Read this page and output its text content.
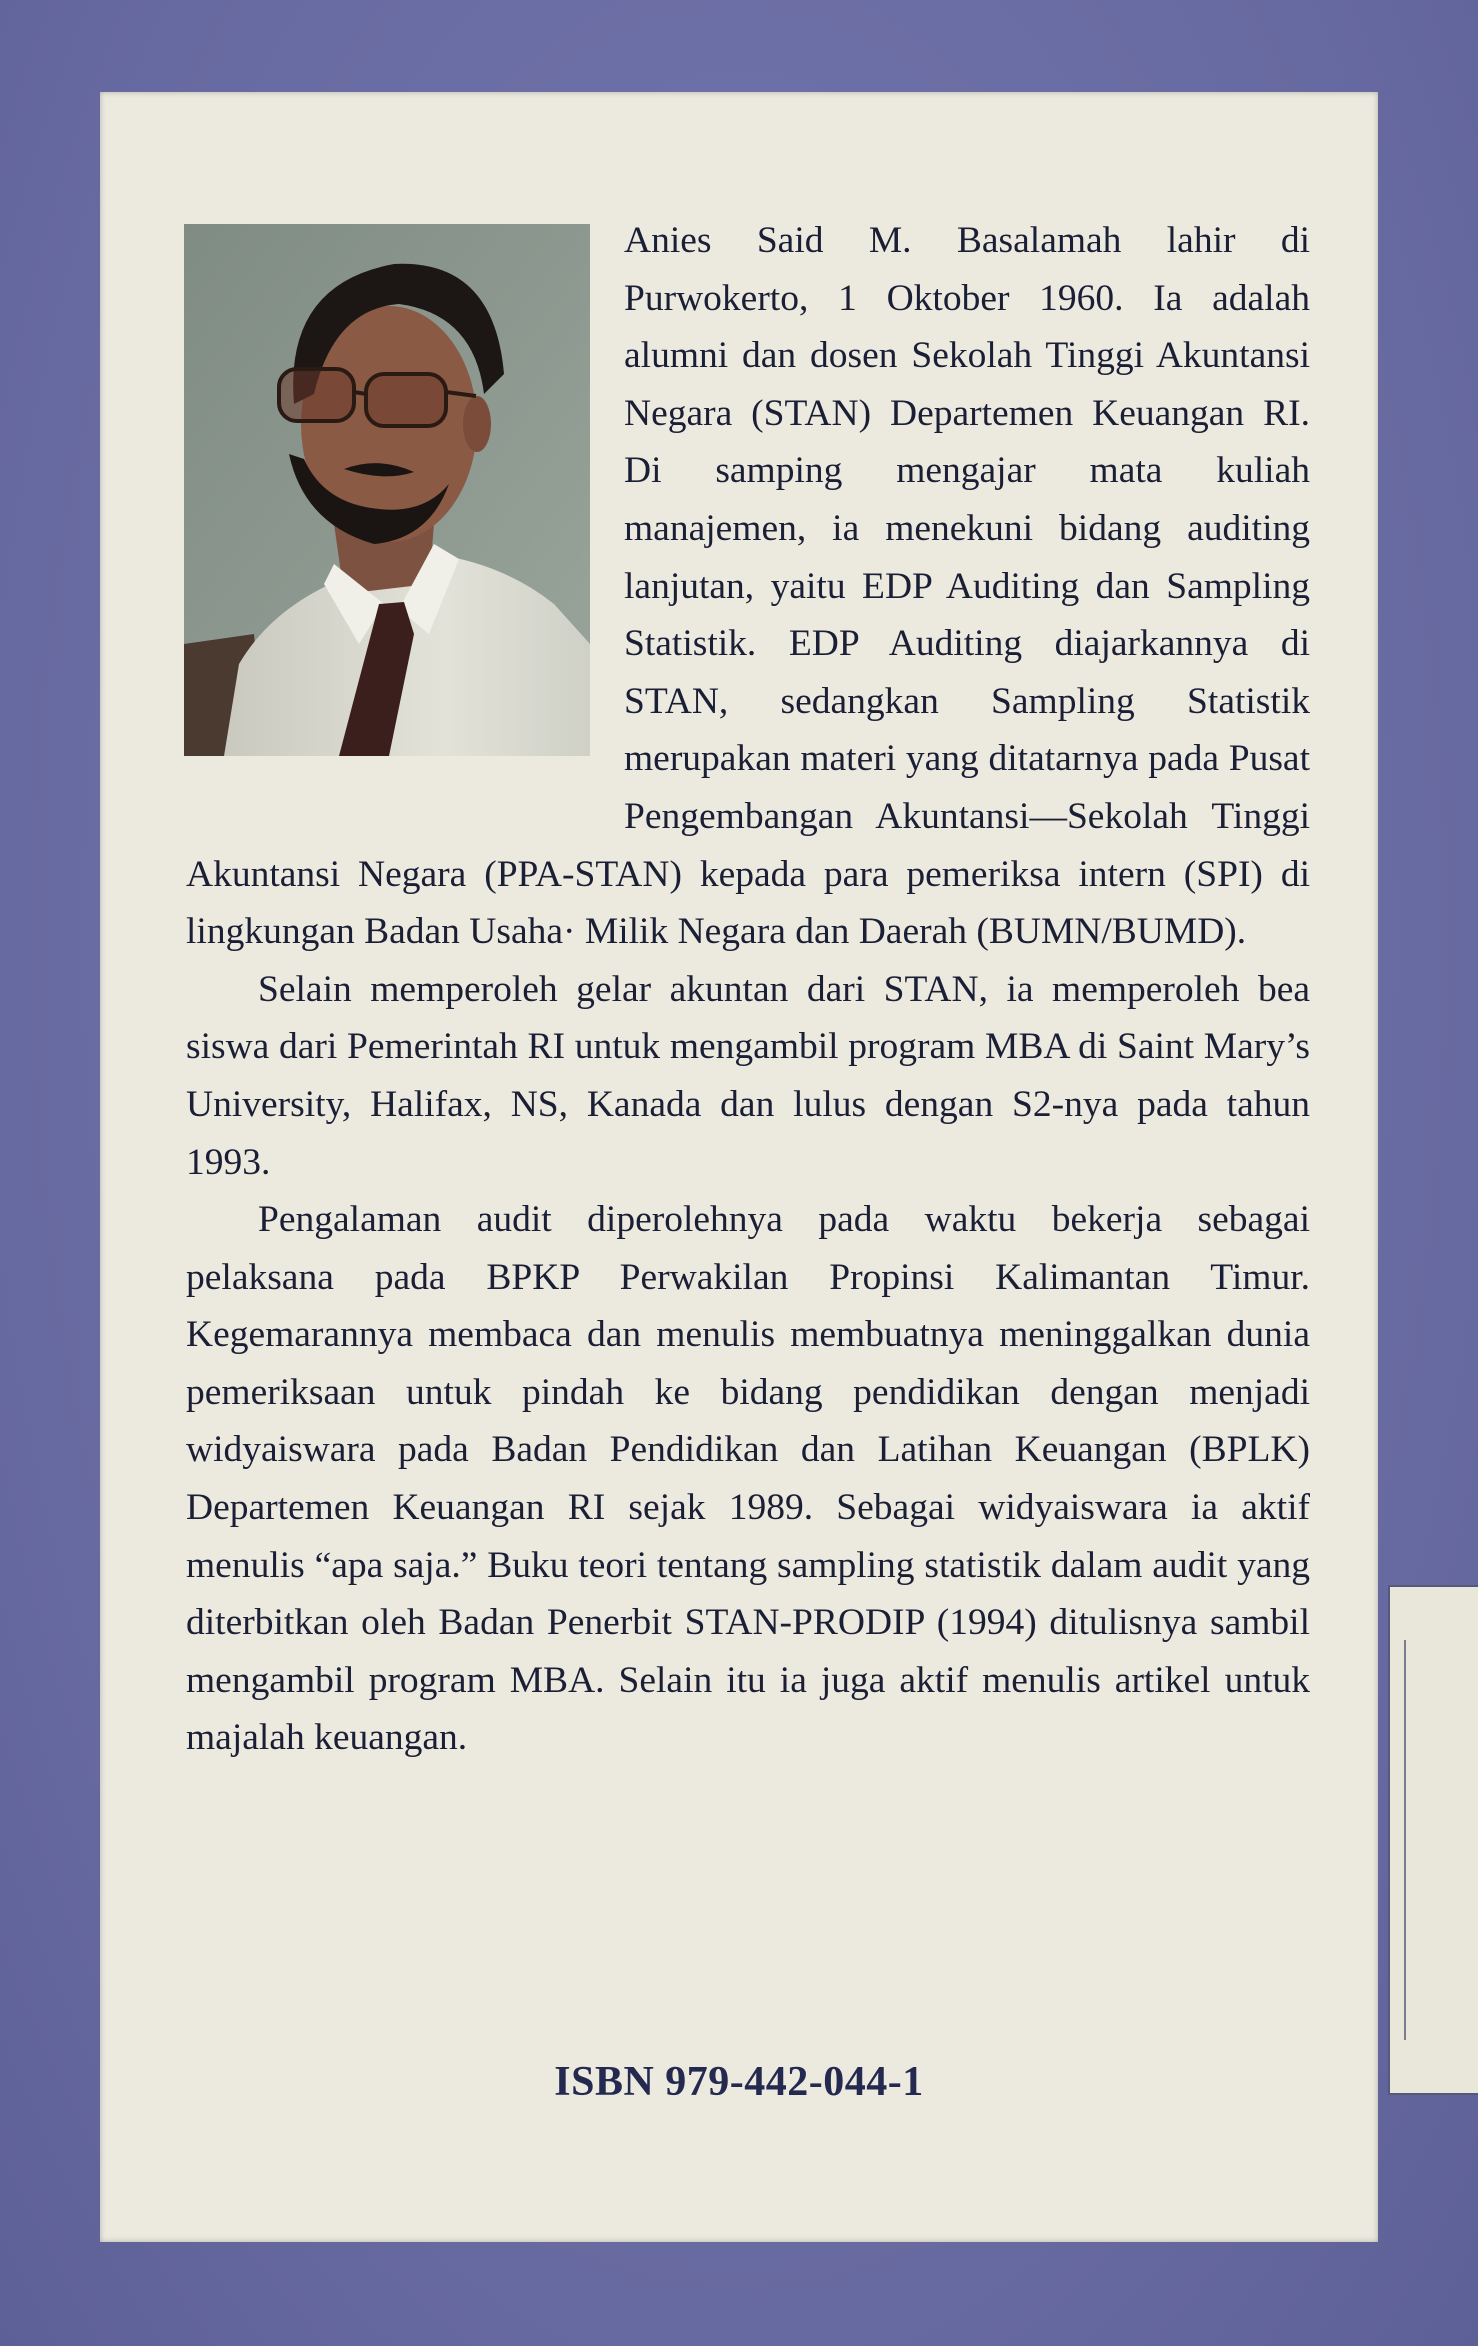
Anies Said M. Basalamah lahir di Purwokerto, 1 Oktober 1960. Ia adalah alumni dan dosen Sekolah Tinggi Akuntansi Negara (STAN) Departemen Keuangan RI. Di samping mengajar mata kuliah manajemen, ia menekuni bidang auditing lanjutan, yaitu EDP Auditing dan Sampling Statistik. EDP Auditing diajarkannya di STAN, sedangkan Sampling Statistik merupakan materi yang ditatarnya pada Pusat Pengembangan Akuntansi—Sekolah Tinggi Akuntansi Negara (PPA-STAN) kepada para pemeriksa intern (SPI) di lingkungan Badan Usaha· Milik Negara dan Daerah (BUMN/BUMD).

Selain memperoleh gelar akuntan dari STAN, ia memperoleh bea siswa dari Pemerintah RI untuk mengambil program MBA di Saint Mary’s University, Halifax, NS, Kanada dan lulus dengan S2-nya pada tahun 1993.

Pengalaman audit diperolehnya pada waktu bekerja sebagai pelaksana pada BPKP Perwakilan Propinsi Kalimantan Timur. Kegemarannya membaca dan menulis membuatnya meninggalkan dunia pemeriksaan untuk pindah ke bidang pendidikan dengan menjadi widyaiswara pada Badan Pendidikan dan Latihan Keuangan (BPLK) Departemen Keuangan RI sejak 1989. Sebagai widyaiswara ia aktif menulis “apa saja.” Buku teori tentang sampling statistik dalam audit yang diterbitkan oleh Badan Penerbit STAN-PRODIP (1994) ditulisnya sambil mengambil program MBA. Selain itu ia juga aktif menulis artikel untuk majalah keuangan.

ISBN 979-442-044-1
